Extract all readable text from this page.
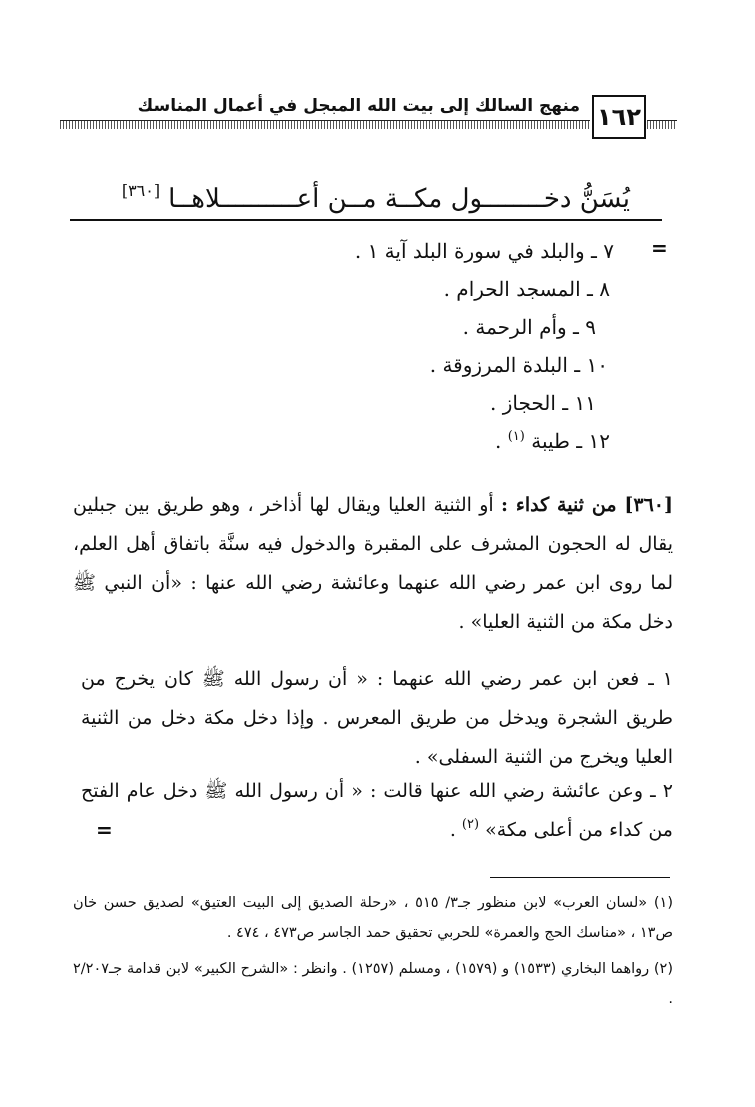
منهج السالك إلى بيت الله المبجل في أعمال المناسك ١٦٢
يُسَنُّ دخــــــــول مكــة مــن أعــــــــــلاهــا
[٣٦٠]
=
=
٧ ـ والبلد في سورة البلد آية ١ .
٨ ـ المسجد الحرام .
٩ ـ وأم الرحمة .
١٠ ـ البلدة المرزوقة .
١١ ـ الحجاز .
١٢ ـ طيبة $^{(١)}$ .
[٣٦٠] من ثنية كداء : أو الثنية العليا ويقال لها أذاخر ، وهو طريق بين جبلين يقال له الحجون المشرف على المقبرة والدخول فيه سنَّة باتفاق أهل العلم، لما روى ابن عمر رضي الله عنهما وعائشة رضي الله عنها : «أن النبي ﷺ دخل مكة من الثنية العليا» .
١ ـ فعن ابن عمر رضي الله عنهما : « أن رسول الله ﷺ كان يخرج من طريق الشجرة ويدخل من طريق المعرس . وإذا دخل مكة دخل من الثنية العليا ويخرج من الثنية السفلى» .
٢ ـ وعن عائشة رضي الله عنها قالت : « أن رسول الله ﷺ دخل عام الفتح من كداء من أعلى مكة» $^{(٢)}$ .

(١) «لسان العرب» لابن منظور جـ٣/ ٥١٥ ، «رحلة الصديق إلى البيت العتيق» لصديق حسن خان ص١٣ ، «مناسك الحج والعمرة» للحربي تحقيق حمد الجاسر ص٤٧٣ ، ٤٧٤ .

(٢) رواهما البخاري (١٥٣٣) و (١٥٧٩) ، ومسلم (١٢٥٧) . وانظر : «الشرح الكبير» لابن قدامة جـ٢/٢٠٧ .
